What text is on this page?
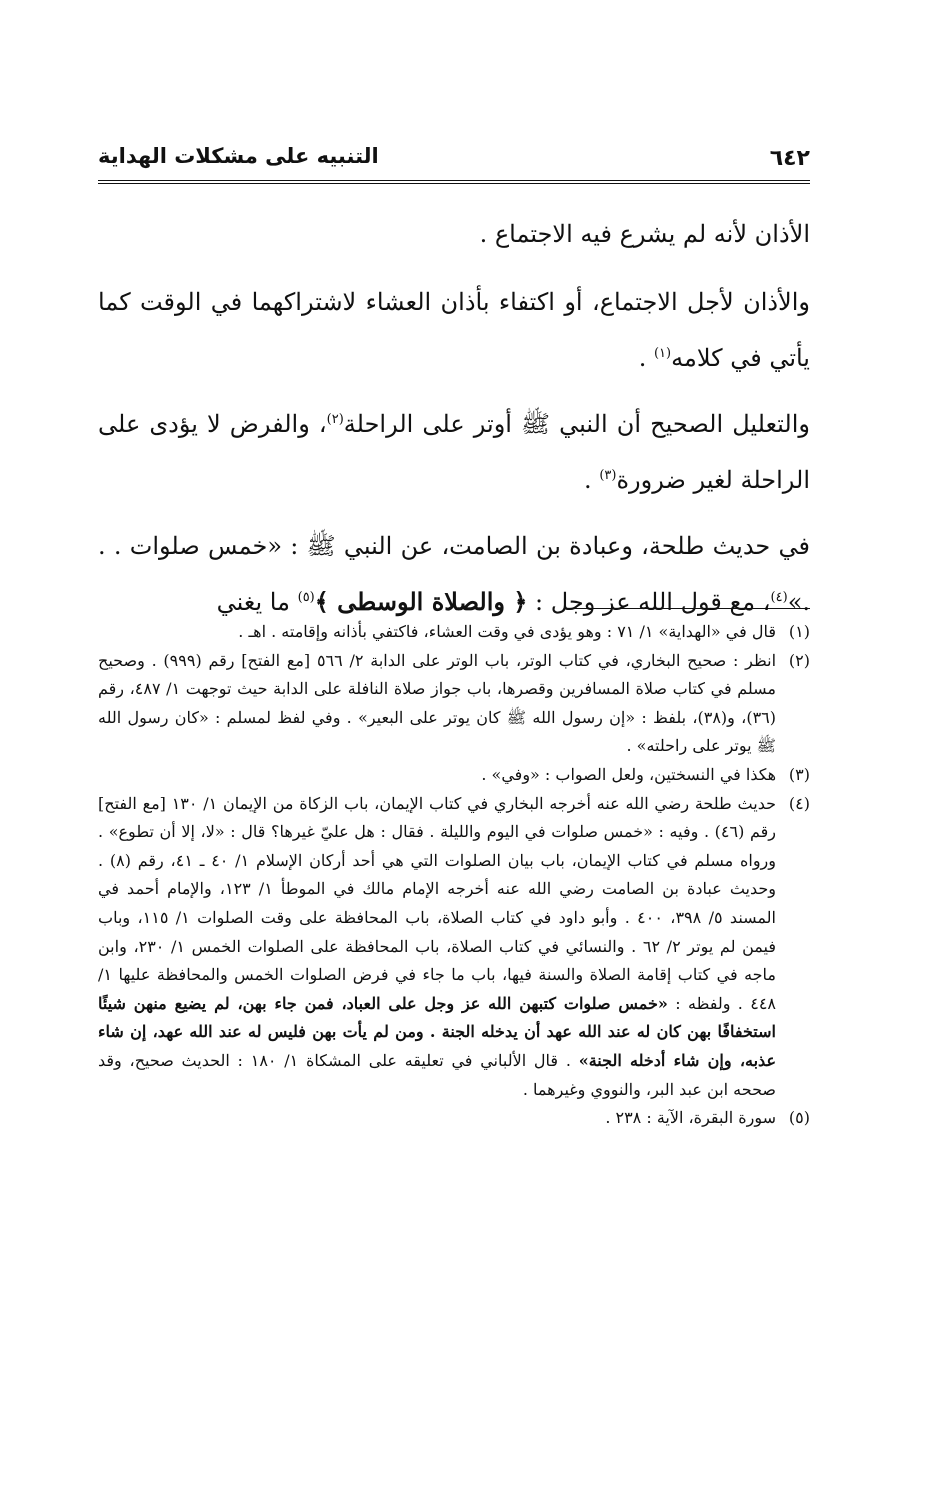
التنبيه على مشكلات الهداية	٦٤٢

الأذان لأنه لم يشرع فيه الاجتماع .

والأذان لأجل الاجتماع، أو اكتفاء بأذان العشاء لاشتراكهما في الوقت كما يأتي في كلامه$^{(١)}$ .

والتعليل الصحيح أن النبي ﷺ أوتر على الراحلة$^{(٢)}$، والفرض لا يؤدى على الراحلة لغير ضرورة$^{(٣)}$ .

في حديث طلحة، وعبادة بن الصامت، عن النبي ﷺ : «خمس صلوات . . .»$^{(٤)}$، مع قول الله عز وجل : ﴿ والصلاة الوسطى ﴾$^{(٥)}$ ما يغني

(١)
قال في «الهداية» ١/ ٧١ : وهو يؤدى في وقت العشاء، فاكتفي بأذانه وإقامته . اهـ .
(٢)
انظر : صحيح البخاري، في كتاب الوتر، باب الوتر على الدابة ٢/ ٥٦٦ [مع الفتح] رقم (٩٩٩) . وصحيح مسلم في كتاب صلاة المسافرين وقصرها، باب جواز صلاة النافلة على الدابة حيث توجهت ١/ ٤٨٧، رقم (٣٦)، و(٣٨)، بلفظ : «إن رسول الله ﷺ كان يوتر على البعير» . وفي لفظ لمسلم : «كان رسول الله ﷺ يوتر على راحلته» .
(٣)
هكذا في النسختين، ولعل الصواب : «وفي» .
(٤)
حديث طلحة رضي الله عنه أخرجه البخاري في كتاب الإيمان، باب الزكاة من الإيمان ١/ ١٣٠ [مع الفتح] رقم (٤٦) . وفيه : «خمس صلوات في اليوم والليلة . فقال : هل عليّ غيرها؟ قال : «لا، إلا أن تطوع» . ورواه مسلم في كتاب الإيمان، باب بيان الصلوات التي هي أحد أركان الإسلام ١/ ٤٠ ـ ٤١، رقم (٨) . وحديث عبادة بن الصامت رضي الله عنه أخرجه الإمام مالك في الموطأ ١/ ١٢٣، والإمام أحمد في المسند ٥/ ٣٩٨، ٤٠٠ . وأبو داود في كتاب الصلاة، باب المحافظة على وقت الصلوات ١/ ١١٥، وباب فيمن لم يوتر ٢/ ٦٢ . والنسائي في كتاب الصلاة، باب المحافظة على الصلوات الخمس ١/ ٢٣٠، وابن ماجه في كتاب إقامة الصلاة والسنة فيها، باب ما جاء في فرض الصلوات الخمس والمحافظة عليها ١/ ٤٤٨ . ولفظه : «خمس صلوات كتبهن الله عز وجل على العباد، فمن جاء بهن، لم يضيع منهن شيئًا استخفافًا بهن كان له عند الله عهد أن يدخله الجنة . ومن لم يأت بهن فليس له عند الله عهد، إن شاء عذبه، وإن شاء أدخله الجنة» . قال الألباني في تعليقه على المشكاة ١/ ١٨٠ : الحديث صحيح، وقد صححه ابن عبد البر، والنووي وغيرهما .
(٥)
سورة البقرة، الآية : ٢٣٨ .
